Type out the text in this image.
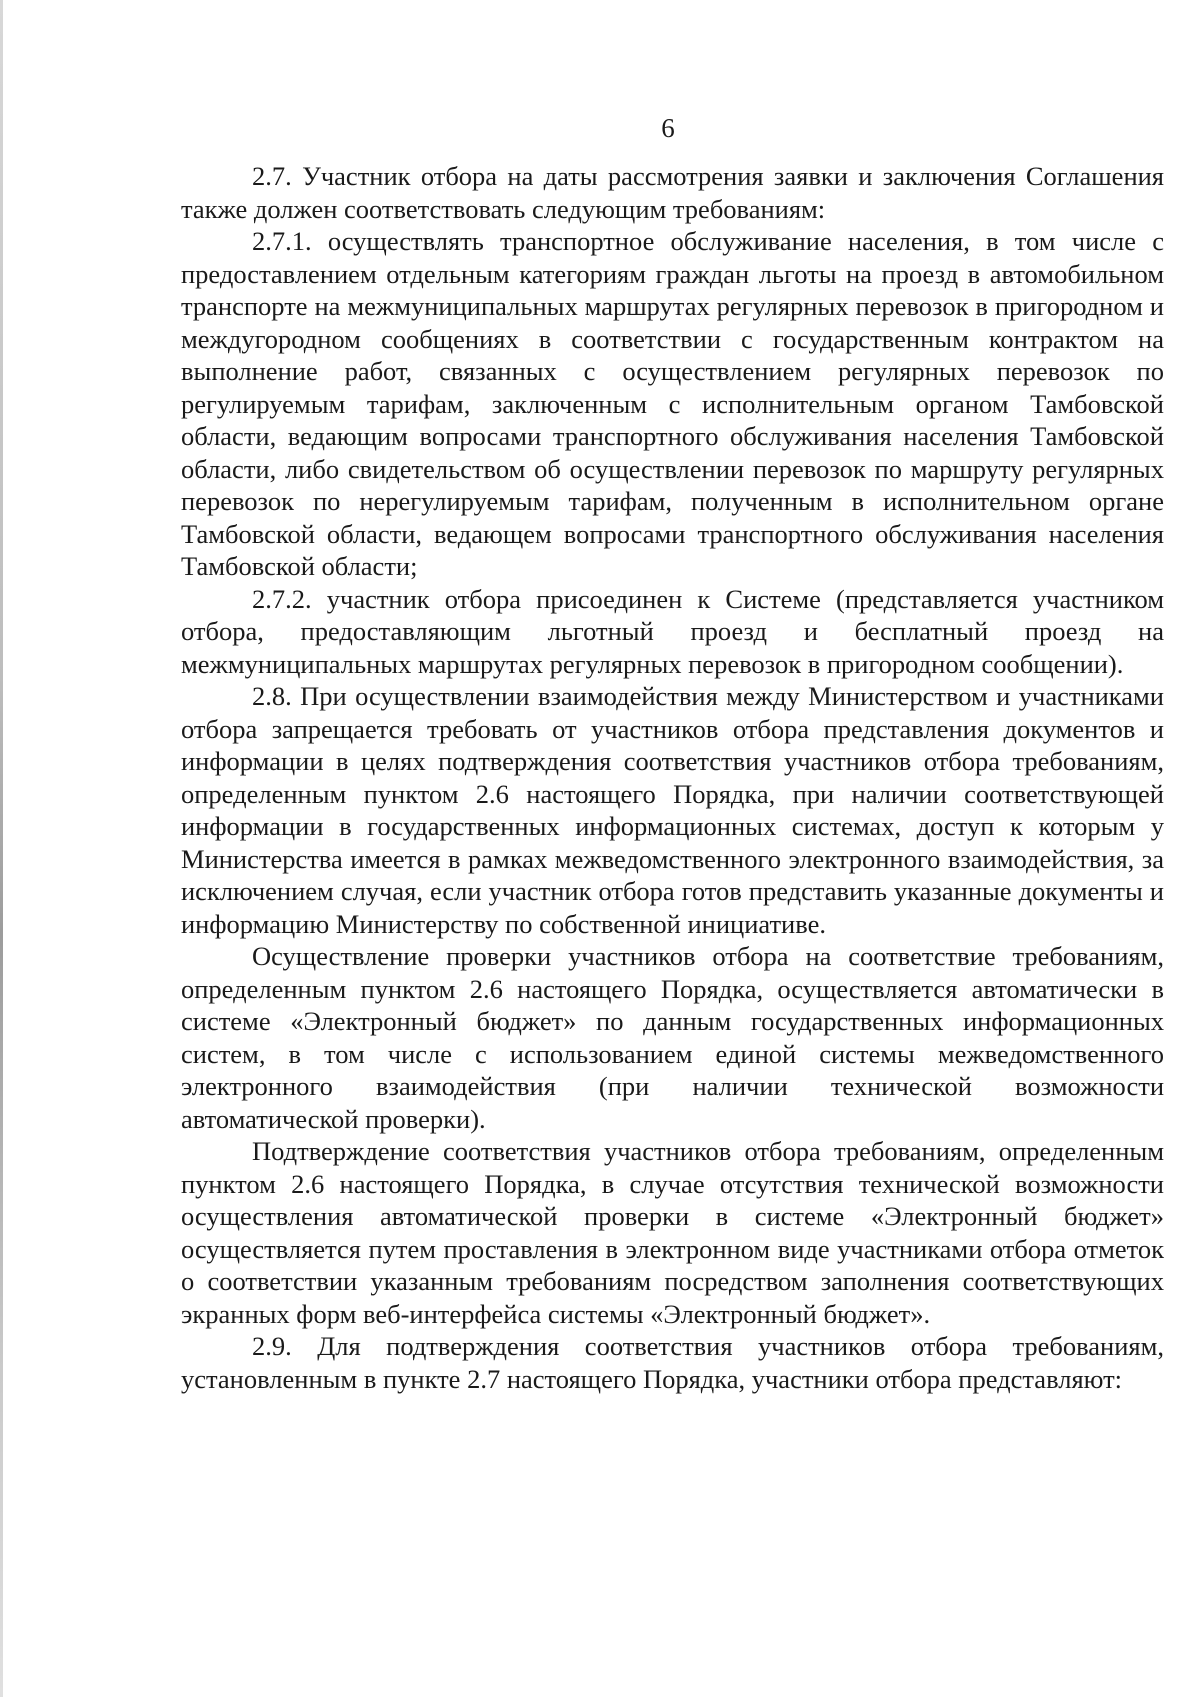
6

2.7. Участник отбора на даты рассмотрения заявки и заключения Соглашения также должен соответствовать следующим требованиям:

2.7.1. осуществлять транспортное обслуживание населения, в том числе с предоставлением отдельным категориям граждан льготы на проезд в автомобильном транспорте на межмуниципальных маршрутах регулярных перевозок в пригородном и междугородном сообщениях в соответствии с государственным контрактом на выполнение работ, связанных с осуществлением регулярных перевозок по регулируемым тарифам, заключенным с исполнительным органом Тамбовской области, ведающим вопросами транспортного обслуживания населения Тамбовской области, либо свидетельством об осуществлении перевозок по маршруту регулярных перевозок по нерегулируемым тарифам, полученным в исполнительном органе Тамбовской области, ведающем вопросами транспортного обслуживания населения Тамбовской области;

2.7.2. участник отбора присоединен к Системе (представляется участником отбора, предоставляющим льготный проезд и бесплатный проезд на межмуниципальных маршрутах регулярных перевозок в пригородном сообщении).

2.8. При осуществлении взаимодействия между Министерством и участниками отбора запрещается требовать от участников отбора представления документов и информации в целях подтверждения соответствия участников отбора требованиям, определенным пунктом 2.6 настоящего Порядка, при наличии соответствующей информации в государственных информационных системах, доступ к которым у Министерства имеется в рамках межведомственного электронного взаимодействия, за исключением случая, если участник отбора готов представить указанные документы и информацию Министерству по собственной инициативе.

Осуществление проверки участников отбора на соответствие требованиям, определенным пунктом 2.6 настоящего Порядка, осуществляется автоматически в системе «Электронный бюджет» по данным государственных информационных систем, в том числе с использованием единой системы межведомственного электронного взаимодействия (при наличии технической возможности автоматической проверки).

Подтверждение соответствия участников отбора требованиям, определенным пунктом 2.6 настоящего Порядка, в случае отсутствия технической возможности осуществления автоматической проверки в системе «Электронный бюджет» осуществляется путем проставления в электронном виде участниками отбора отметок о соответствии указанным требованиям посредством заполнения соответствующих экранных форм веб-интерфейса системы «Электронный бюджет».

2.9. Для подтверждения соответствия участников отбора требованиям, установленным в пункте 2.7 настоящего Порядка, участники отбора представляют:
